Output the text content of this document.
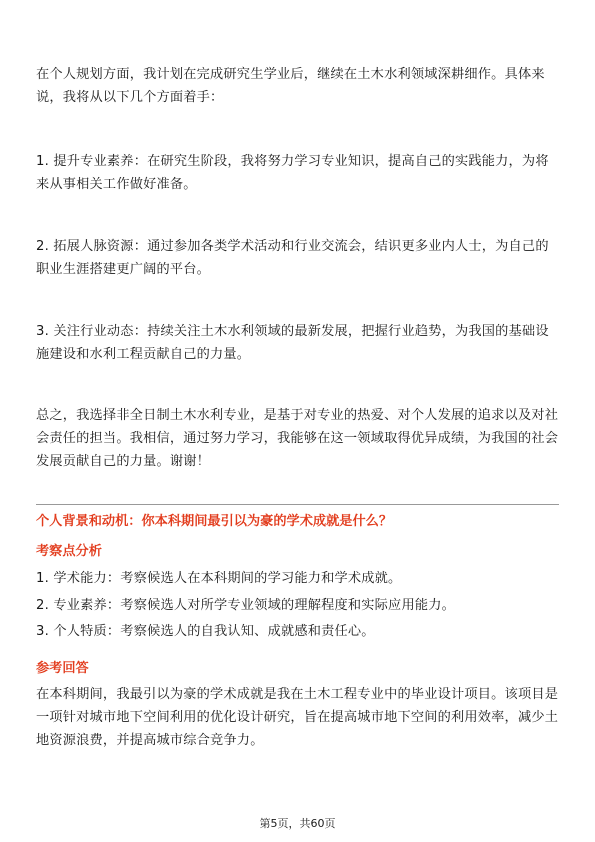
在个人规划方面，我计划在完成研究生学业后，继续在土木水利领域深耕细作。具体来说，我将从以下几个方面着手：

1. 提升专业素养：在研究生阶段，我将努力学习专业知识，提高自己的实践能力，为将来从事相关工作做好准备。

2. 拓展人脉资源：通过参加各类学术活动和行业交流会，结识更多业内人士，为自己的职业生涯搭建更广阔的平台。

3. 关注行业动态：持续关注土木水利领域的最新发展，把握行业趋势，为我国的基础设施建设和水利工程贡献自己的力量。

总之，我选择非全日制土木水利专业，是基于对专业的热爱、对个人发展的追求以及对社会责任的担当。我相信，通过努力学习，我能够在这一领域取得优异成绩，为我国的社会发展贡献自己的力量。谢谢！

个人背景和动机：你本科期间最引以为豪的学术成就是什么？
考察点分析

1. 学术能力：考察候选人在本科期间的学习能力和学术成就。

2. 专业素养：考察候选人对所学专业领域的理解程度和实际应用能力。

3. 个人特质：考察候选人的自我认知、成就感和责任心。

参考回答

在本科期间，我最引以为豪的学术成就是我在土木工程专业中的毕业设计项目。该项目是一项针对城市地下空间利用的优化设计研究，旨在提高城市地下空间的利用效率，减少土地资源浪费，并提高城市综合竞争力。

第5页，共60页
